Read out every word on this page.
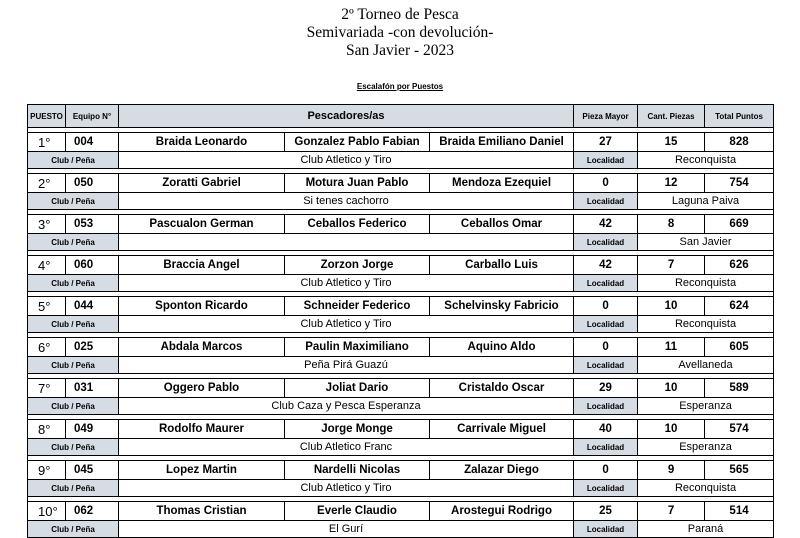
2º Torneo de Pesca
Semivariada -con devolución-
San Javier - 2023
Escalafón por Puestos
PUESTO	Equipo N°	Pescadores/as			Pieza Mayor	Cant. Piezas	Total Puntos

1°	004	Braida Leonardo	Gonzalez Pablo Fabian	Braida Emiliano Daniel	27	15	828
Club / Peña		Club Atletico y Tiro			Localidad	Reconquista	

2°	050	Zoratti Gabriel	Motura Juan Pablo	Mendoza Ezequiel	0	12	754
Club / Peña		Si tenes cachorro			Localidad	Laguna Paiva	

3°	053	Pascualon German	Ceballos Federico	Ceballos Omar	42	8	669
Club / Peña					Localidad	San Javier	

4°	060	Braccia Angel	Zorzon Jorge	Carballo Luis	42	7	626
Club / Peña		Club Atletico y Tiro			Localidad	Reconquista	

5°	044	Sponton Ricardo	Schneider Federico	Schelvinsky Fabricio	0	10	624
Club / Peña		Club Atletico y Tiro			Localidad	Reconquista	

6°	025	Abdala Marcos	Paulin Maximiliano	Aquino Aldo	0	11	605
Club / Peña		Peña Pirá Guazú			Localidad	Avellaneda	

7°	031	Oggero Pablo	Joliat Dario	Cristaldo Oscar	29	10	589
Club / Peña		Club Caza y Pesca Esperanza			Localidad	Esperanza	

8°	049	Rodolfo Maurer	Jorge Monge	Carrivale Miguel	40	10	574
Club / Peña		Club Atletico Franc			Localidad	Esperanza	

9°	045	Lopez Martin	Nardelli Nicolas	Zalazar Diego	0	9	565
Club / Peña		Club Atletico y Tiro			Localidad	Reconquista	

10°	062	Thomas Cristian	Everle Claudio	Arostegui Rodrigo	25	7	514
Club / Peña		El Gurí			Localidad	Paraná	
